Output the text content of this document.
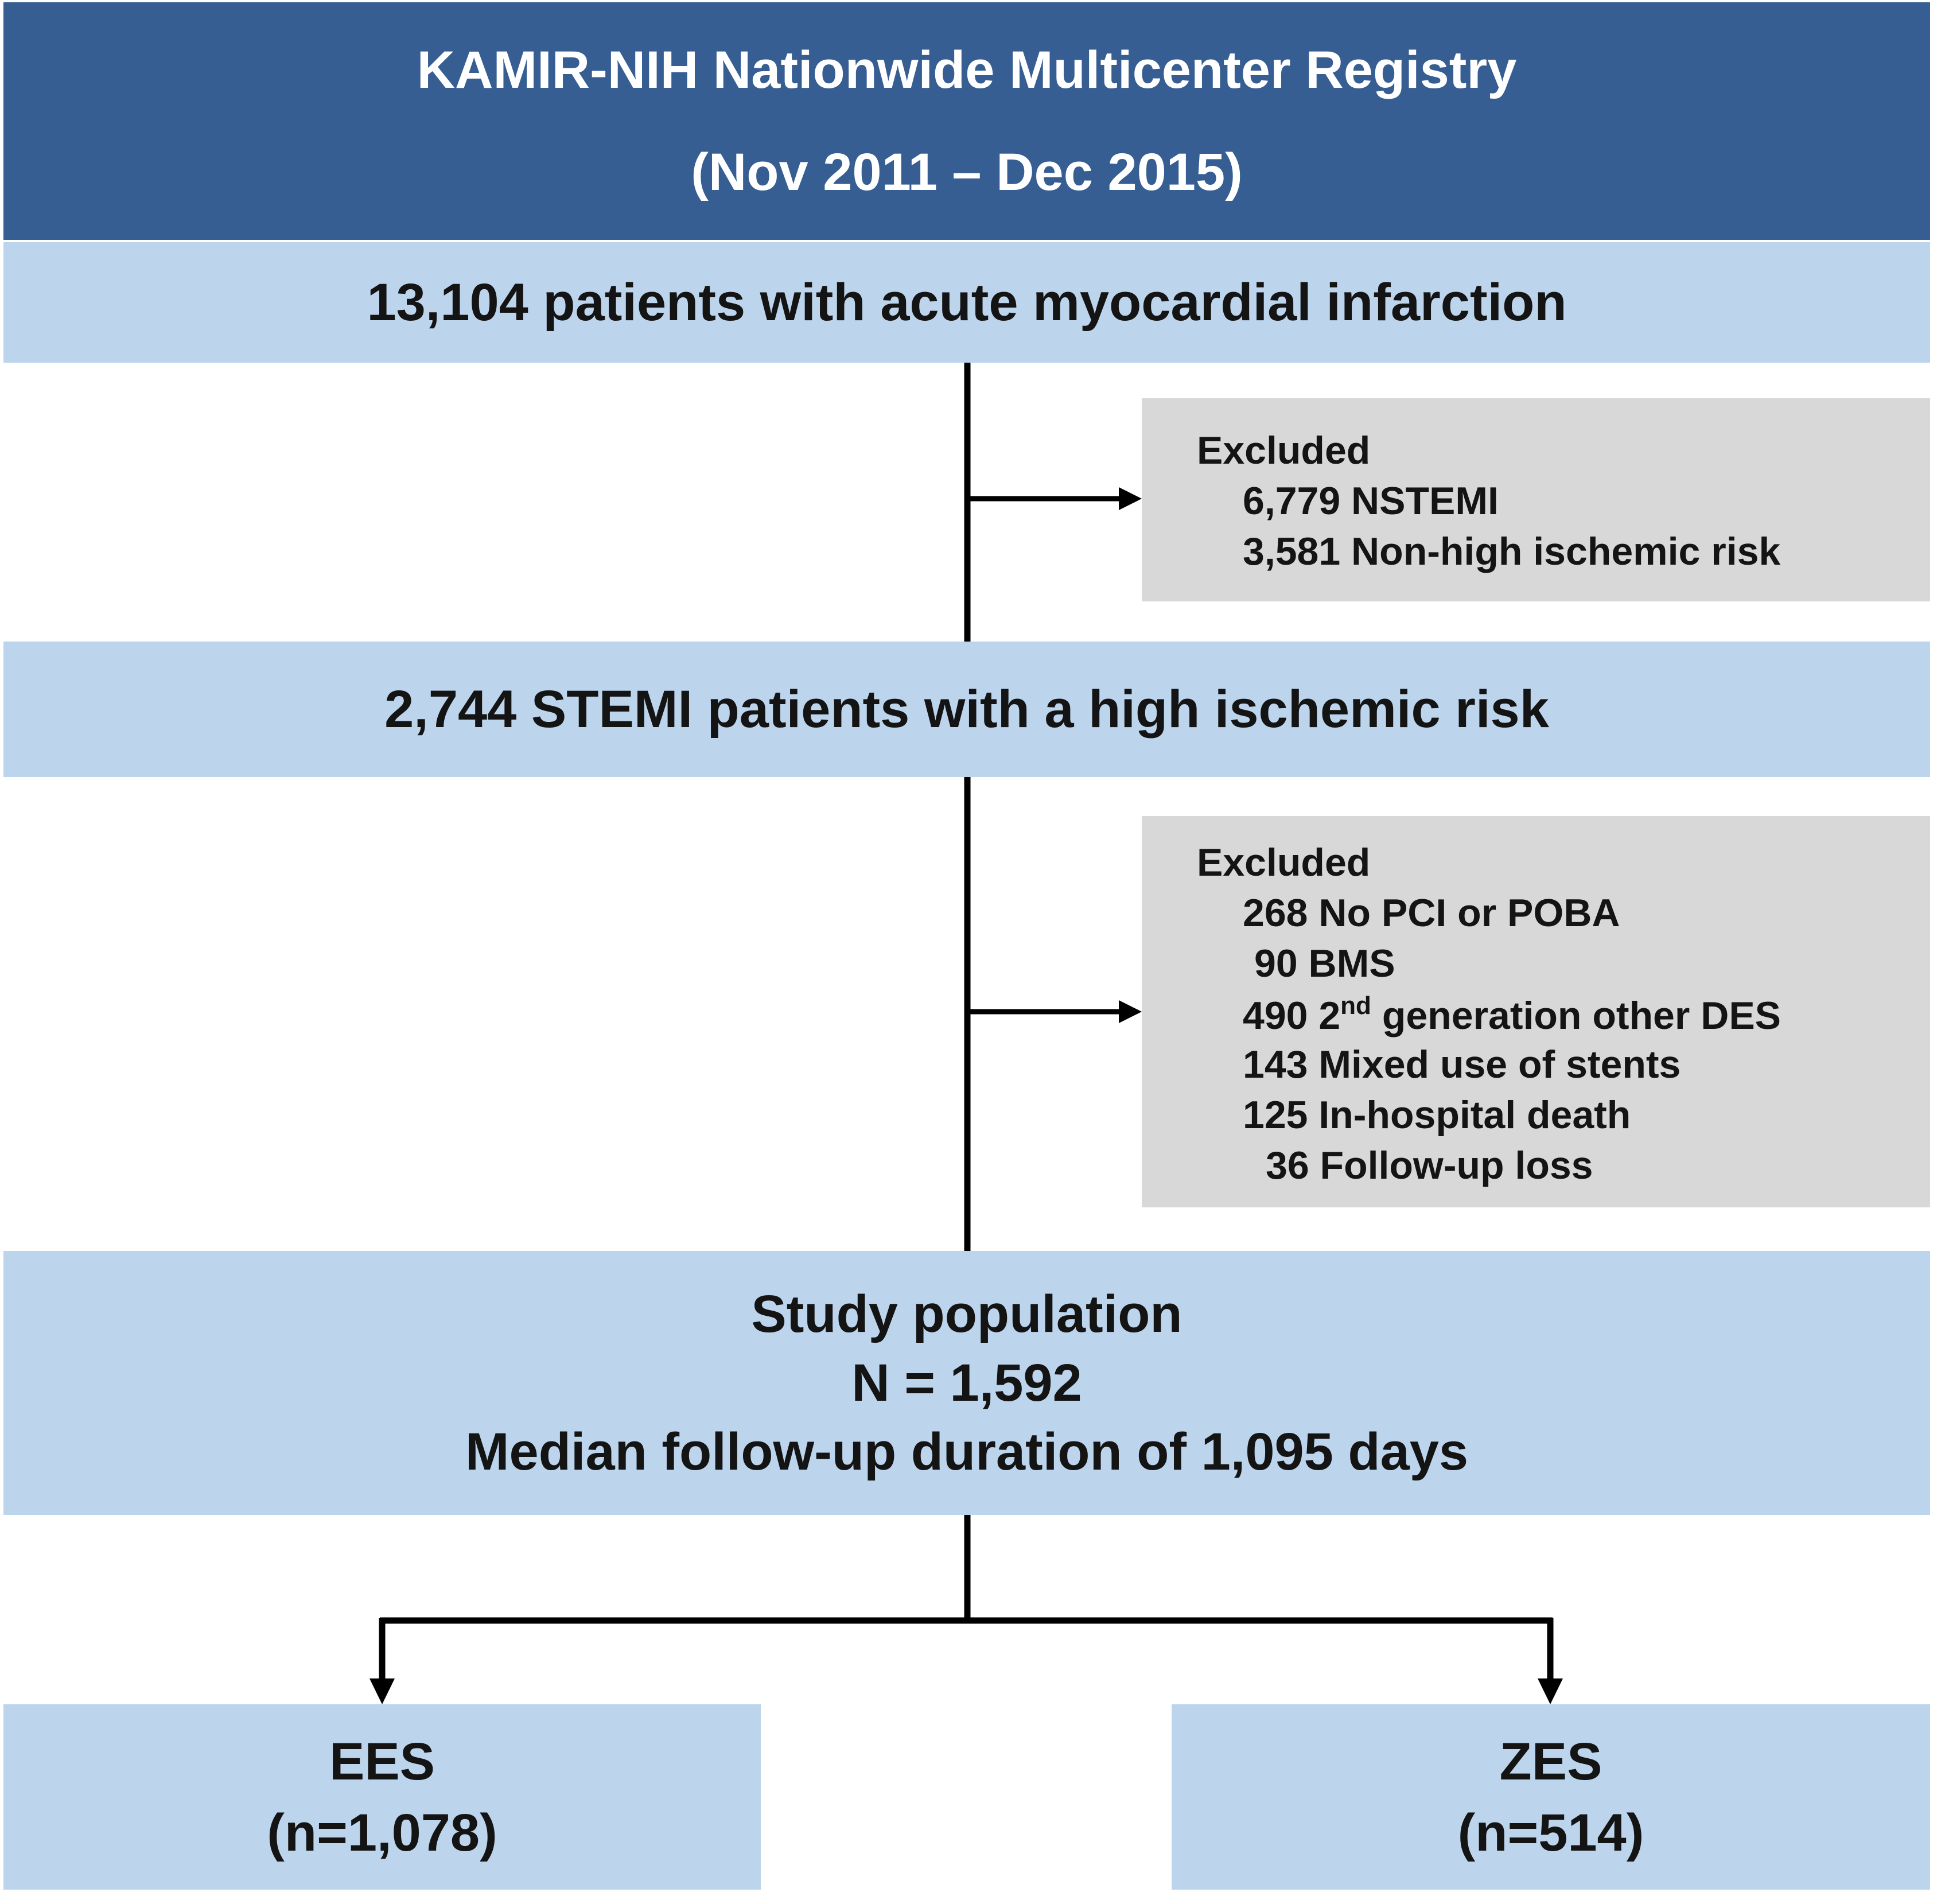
KAMIR-NIH Nationwide Multicenter Registry
(Nov 2011 – Dec 2015)
13,104 patients with acute myocardial infarction
Excluded
6,779 NSTEMI
3,581 Non-high ischemic risk
2,744 STEMI patients with a high ischemic risk
Excluded
268 No PCI or POBA
90 BMS
490 2nd generation other DES
143 Mixed use of stents
125 In-hospital death
36 Follow-up loss
Study population
N = 1,592
Median follow-up duration of 1,095 days
EES
(n=1,078)
ZES
(n=514)
